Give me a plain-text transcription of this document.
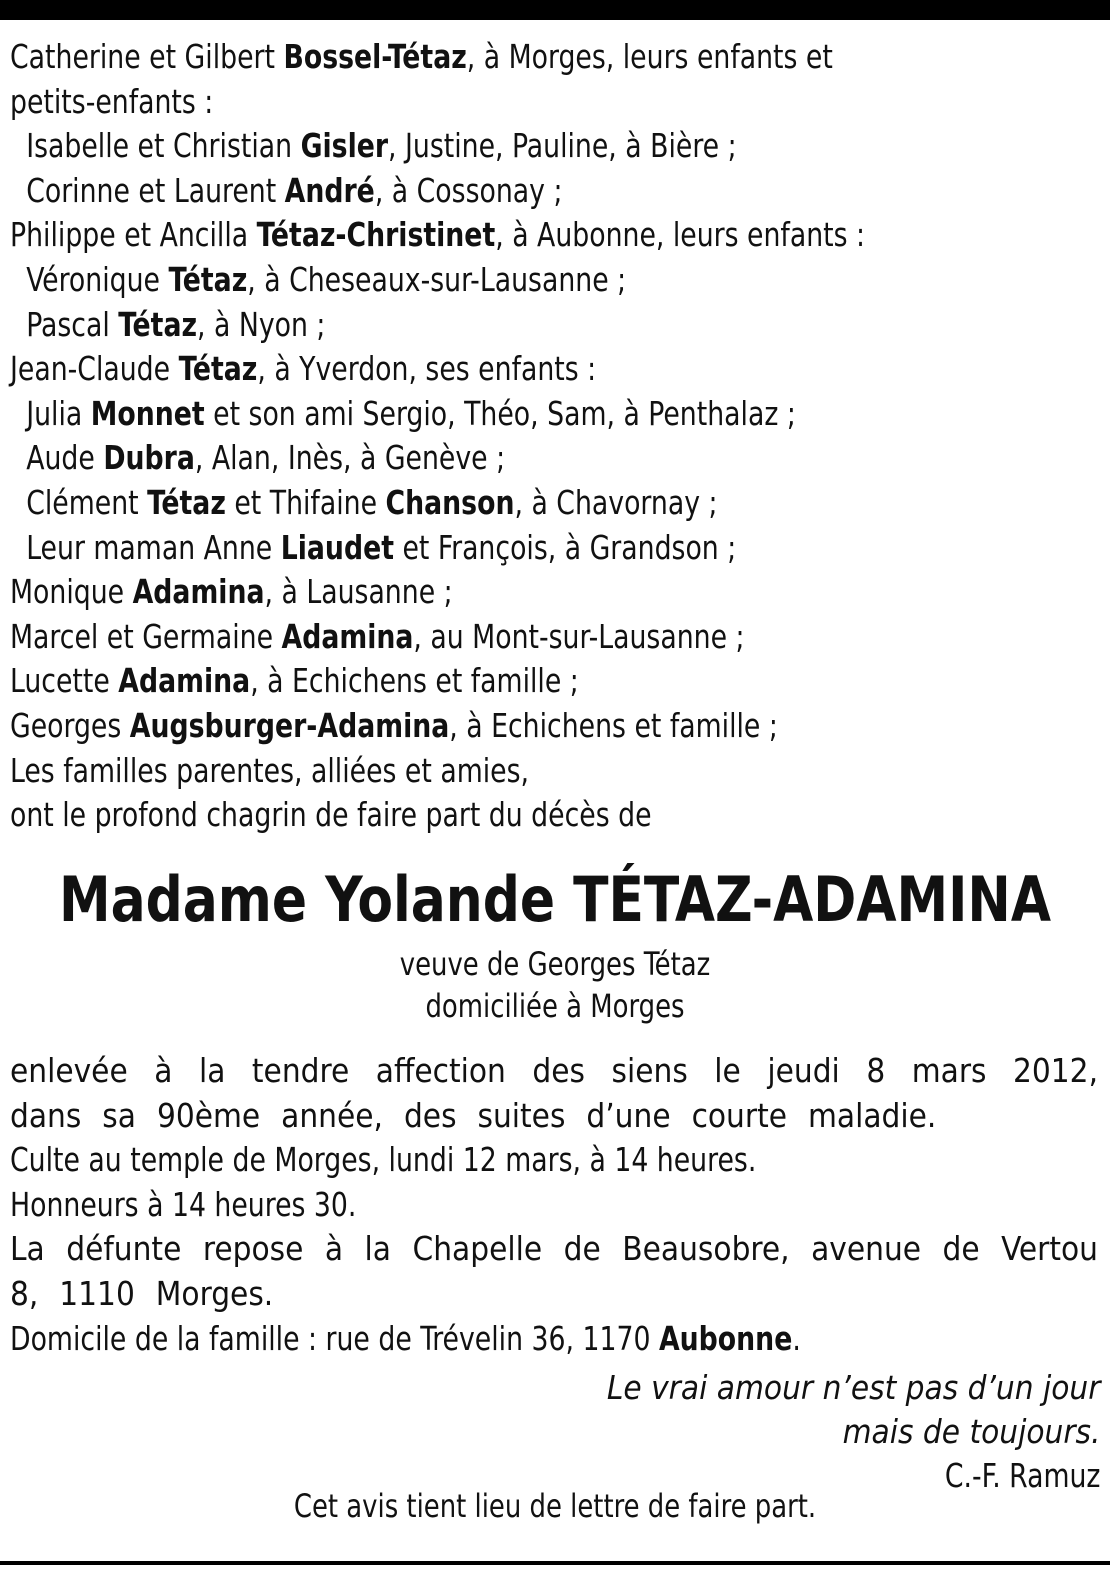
Catherine et Gilbert Bossel-Tétaz, à Morges, leurs enfants et
petits-enfants :
Isabelle et Christian Gisler, Justine, Pauline, à Bière ;
Corinne et Laurent André, à Cossonay ;
Philippe et Ancilla Tétaz-Christinet, à Aubonne, leurs enfants :
Véronique Tétaz, à Cheseaux-sur-Lausanne ;
Pascal Tétaz, à Nyon ;
Jean-Claude Tétaz, à Yverdon, ses enfants :
Julia Monnet et son ami Sergio, Théo, Sam, à Penthalaz ;
Aude Dubra, Alan, Inès, à Genève ;
Clément Tétaz et Thifaine Chanson, à Chavornay ;
Leur maman Anne Liaudet et François, à Grandson ;
Monique Adamina, à Lausanne ;
Marcel et Germaine Adamina, au Mont-sur-Lausanne ;
Lucette Adamina, à Echichens et famille ;
Georges Augsburger-Adamina, à Echichens et famille ;
Les familles parentes, alliées et amies,
ont le profond chagrin de faire part du décès de
Madame Yolande TÉTAZ-ADAMINA
veuve de Georges Tétaz
domiciliée à Morges
enlevée à la tendre affection des siens le jeudi 8 mars 2012, dans sa 90ème année, des suites d’une courte maladie.
Culte au temple de Morges, lundi 12 mars, à 14 heures.
Honneurs à 14 heures 30.
La défunte repose à la Chapelle de Beausobre, avenue de Vertou 8, 1110 Morges.
Domicile de la famille : rue de Trévelin 36, 1170 Aubonne.
Le vrai amour n’est pas d’un jour
mais de toujours.
C.-F. Ramuz
Cet avis tient lieu de lettre de faire part.
